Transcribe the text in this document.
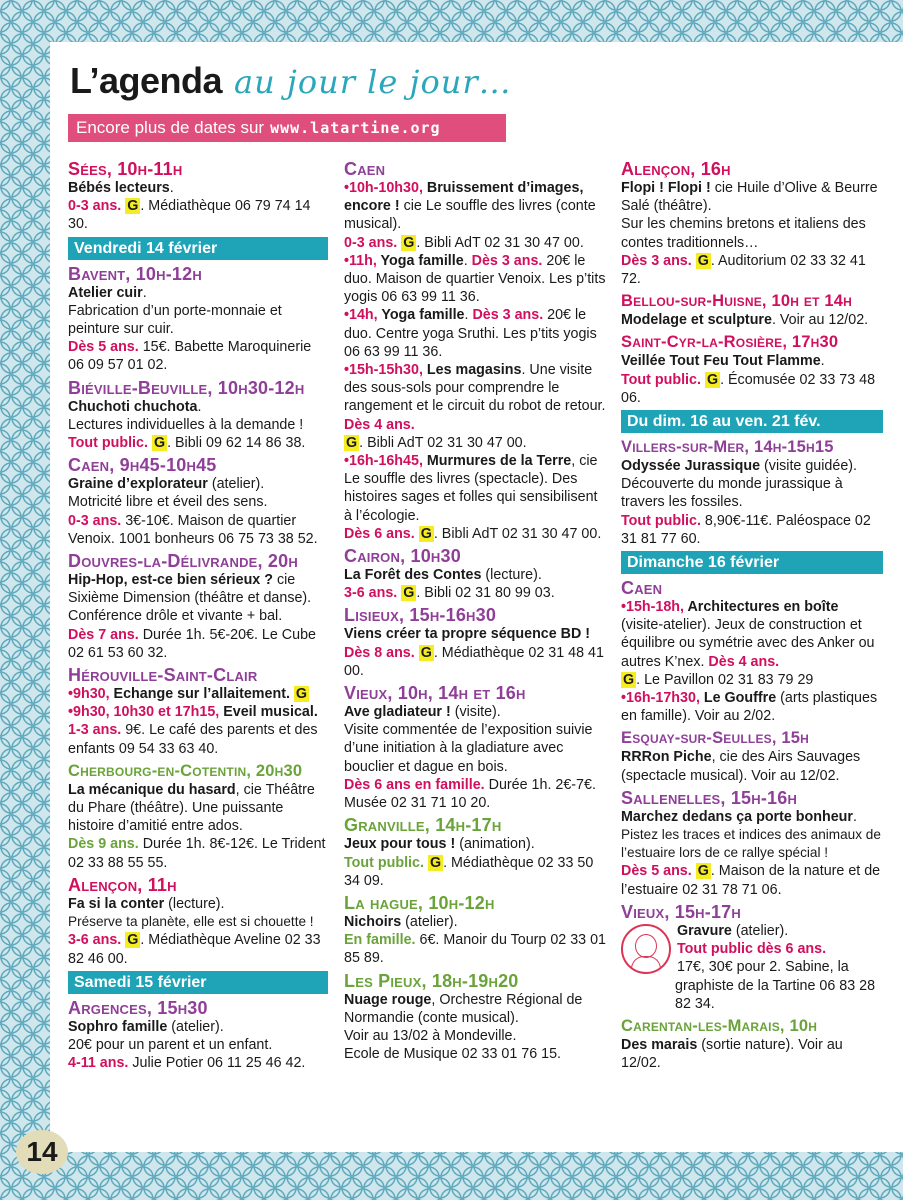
L’agenda au jour le jour…
Encore plus de dates sur www.latartine.org
Sées, 10h-11h
Bébés lecteurs.
0-3 ans. G . Médiathèque 06 79 74 14 30.
Vendredi 14 février
Bavent, 10h-12h
Atelier cuir.
Fabrication d’un porte-monnaie et peinture sur cuir.
Dès 5 ans. 15€. Babette Maroquinerie 06 09 57 01 02.
Biéville-Beuville, 10h30-12h
Chuchoti chuchota.
Lectures individuelles à la demande !
Tout public. G . Bibli 09 62 14 86 38.
Caen, 9h45-10h45
Graine d’explorateur (atelier).
Motricité libre et éveil des sens.
0-3 ans. 3€-10€. Maison de quartier Venoix. 1001 bonheurs 06 75 73 38 52.
Douvres-la-Délivrande, 20h
Hip-Hop, est-ce bien sérieux ? cie Sixième Dimension (théâtre et danse).
Conférence drôle et vivante + bal.
Dès 7 ans. Durée 1h. 5€-20€. Le Cube 02 61 53 60 32.
Hérouville-Saint-Clair
•9h30, Echange sur l’allaitement. G
•9h30, 10h30 et 17h15, Eveil musical. 1-3 ans. 9€. Le café des parents et des enfants 09 54 33 63 40.
Cherbourg-en-Cotentin, 20h30
La mécanique du hasard, cie Théâtre du Phare (théâtre). Une puissante histoire d’amitié entre ados.
Dès 9 ans. Durée 1h. 8€-12€. Le Trident 02 33 88 55 55.
Alençon, 11h
Fa si la conter (lecture).
Préserve ta planète, elle est si chouette !
3-6 ans. G . Médiathèque Aveline 02 33 82 46 00.
Samedi 15 février
Argences, 15h30
Sophro famille (atelier).
20€ pour un parent et un enfant.
4-11 ans. Julie Potier 06 11 25 46 42.
Caen
•10h-10h30, Bruissement d’images, encore ! cie Le souffle des livres (conte musical).
0-3 ans. G . Bibli AdT 02 31 30 47 00.
•11h, Yoga famille. Dès 3 ans. 20€ le duo. Maison de quartier Venoix. Les p’tits yogis 06 63 99 11 36.
•14h, Yoga famille. Dès 3 ans. 20€ le duo. Centre yoga Sruthi. Les p’tits yogis 06 63 99 11 36.
•15h-15h30, Les magasins. Une visite des sous-sols pour comprendre le rangement et le circuit du robot de retour. Dès 4 ans.
G . Bibli AdT 02 31 30 47 00.
•16h-16h45, Murmures de la Terre, cie Le souffle des livres (spectacle). Des histoires sages et folles qui sensibilisent à l’écologie.
Dès 6 ans. G . Bibli AdT 02 31 30 47 00.
Cairon, 10h30
La Forêt des Contes (lecture).
3-6 ans. G . Bibli 02 31 80 99 03.
Lisieux, 15h-16h30
Viens créer ta propre séquence BD !
Dès 8 ans. G . Médiathèque 02 31 48 41 00.
Vieux, 10h, 14h et 16h
Ave gladiateur ! (visite).
Visite commentée de l’exposition suivie d’une initiation à la gladiature avec bouclier et dague en bois.
Dès 6 ans en famille. Durée 1h. 2€-7€. Musée 02 31 71 10 20.
Granville, 14h-17h
Jeux pour tous ! (animation).
Tout public. G . Médiathèque 02 33 50 34 09.
La hague, 10h-12h
Nichoirs (atelier).
En famille. 6€. Manoir du Tourp 02 33 01 85 89.
Les Pieux, 18h-19h20
Nuage rouge, Orchestre Régional de Normandie (conte musical).
Voir au 13/02 à Mondeville.
Ecole de Musique 02 33 01 76 15.
Alençon, 16h
Flopi ! Flopi ! cie Huile d’Olive & Beurre Salé (théâtre).
Sur les chemins bretons et italiens des contes traditionnels…
Dès 3 ans. G . Auditorium 02 33 32 41 72.
Bellou-sur-Huisne, 10h et 14h
Modelage et sculpture. Voir au 12/02.
Saint-Cyr-la-Rosière, 17h30
Veillée Tout Feu Tout Flamme.
Tout public. G . Écomusée 02 33 73 48 06.
Du dim. 16 au ven. 21 fév.
Villers-sur-Mer, 14h-15h15
Odyssée Jurassique (visite guidée).
Découverte du monde jurassique à travers les fossiles.
Tout public. 8,90€-11€. Paléospace 02 31 81 77 60.
Dimanche 16 février
Caen
•15h-18h, Architectures en boîte (visite-atelier). Jeux de construction et équilibre ou symétrie avec des Anker ou autres K’nex. Dès 4 ans.
G . Le Pavillon 02 31 83 79 29
•16h-17h30, Le Gouffre (arts plastiques en famille). Voir au 2/02.
Esquay-sur-Seulles, 15h
RRRon Piche, cie des Airs Sauvages (spectacle musical). Voir au 12/02.
Sallenelles, 15h-16h
Marchez dedans ça porte bonheur.
Pistez les traces et indices des animaux de l’estuaire lors de ce rallye spécial !
Dès 5 ans. G . Maison de la nature et de l’estuaire 02 31 78 71 06.
Vieux, 15h-17h
Gravure (atelier).
Tout public dès 6 ans.
17€, 30€ pour 2. Sabine, la graphiste de la Tartine 06 83 28 82 34.
Carentan-les-Marais, 10h
Des marais (sortie nature). Voir au 12/02.
14
